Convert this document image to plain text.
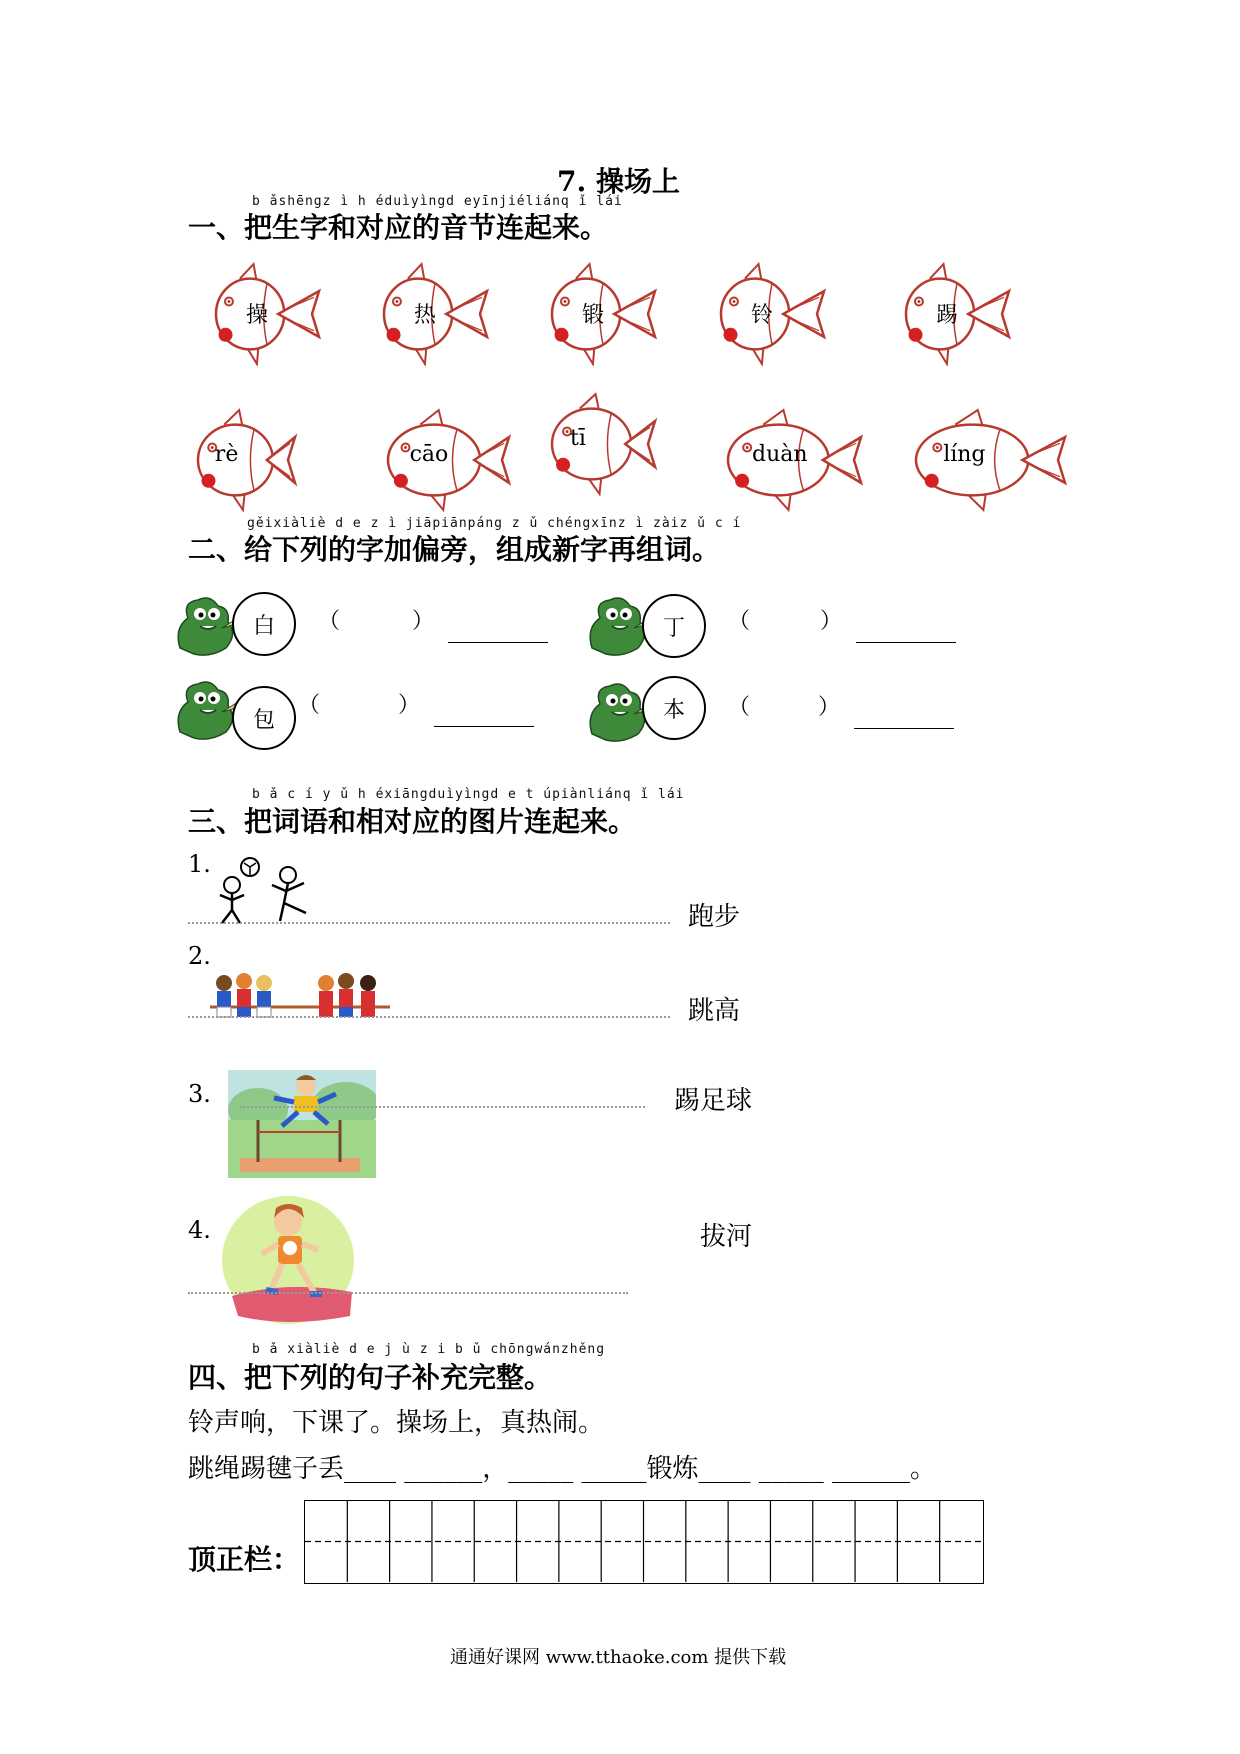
7. 操场上
b ǎshēngz ì h éduìyìngd eyīnjiéliánq ǐ lái
一、把生字和对应的音节连起来。
操	热	锻	铃	踢
rè	cāo
tī
duàn	líng
gěixiàliè d e z ì jiāpiānpáng z ǔ chéngxīnz ì zàiz ǔ c í
二、给下列的字加偏旁，组成新字再组词。
白	（	）	丁	（	）
包
（	）	本	（	）
b ǎ c í y ǔ h éxiāngduìyìngd e t úpiànliánq ǐ lái
三、把词语和相对应的图片连起来。
1.
2.
3.
4.
跑步
跳高
踢足球
拔河
b ǎ xiàliè d e j ù z i b ǔ chōngwánzhěng
四、把下列的句子补充完整。
铃声响，下课了。操场上，真热闹。
跳绳踢毽子丢____ ______，_____ _____锻炼____ _____ ______。
顶正栏：
通通好课网 www.tthaoke.com 提供下载
